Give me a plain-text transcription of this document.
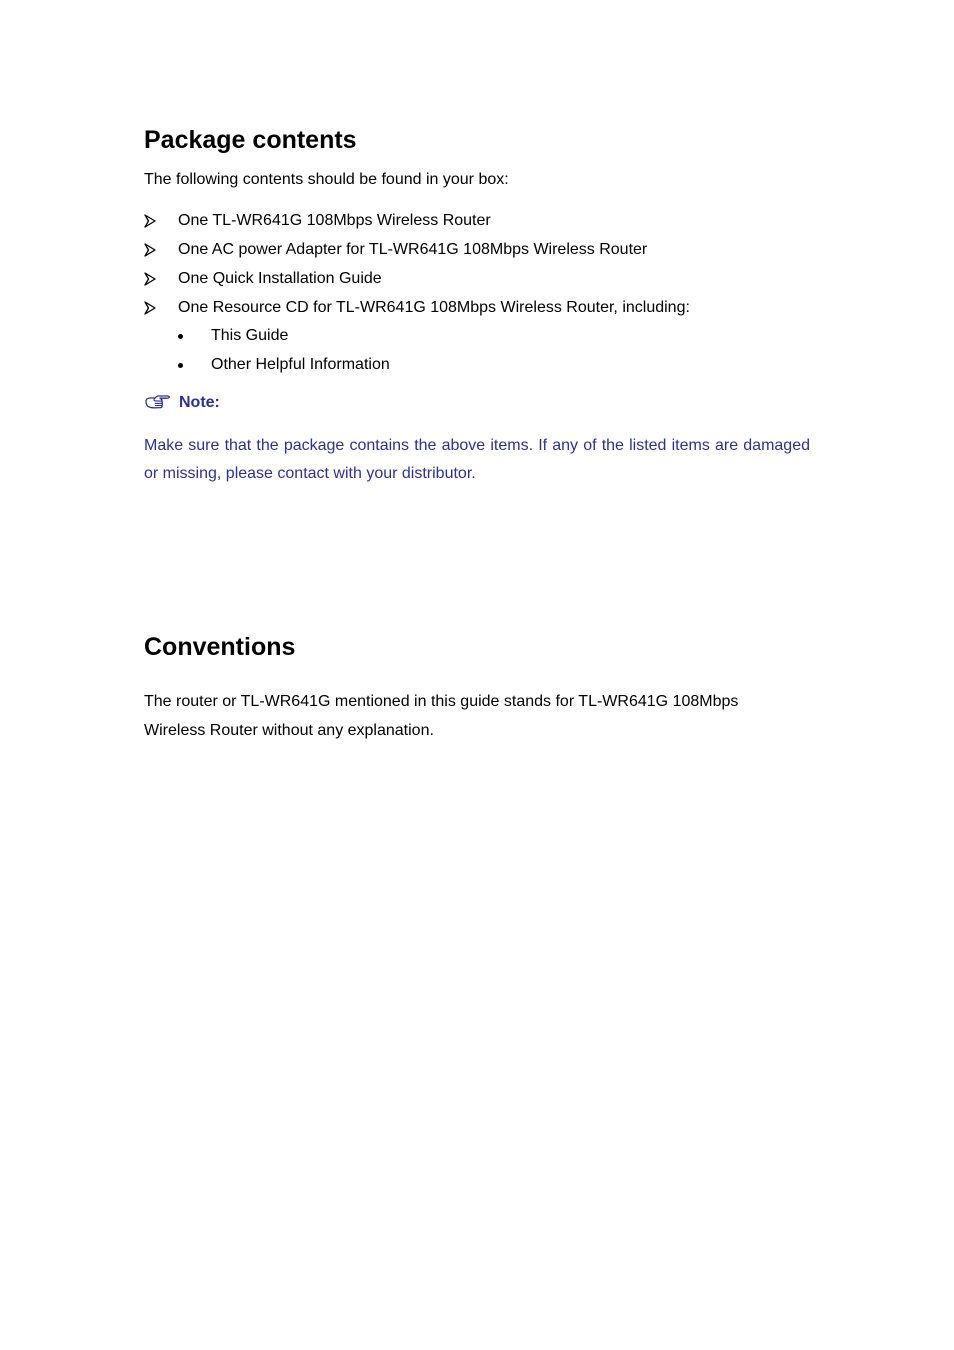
Package contents

The following contents should be found in your box:

One TL-WR641G 108Mbps Wireless Router
One AC power Adapter for TL-WR641G 108Mbps Wireless Router
One Quick Installation Guide
One Resource CD for TL-WR641G 108Mbps Wireless Router, including:
This Guide
Other Helpful Information
Note:

Make sure that the package contains the above items. If any of the listed items are damaged or missing, please contact with your distributor.

Conventions

The router or TL-WR641G mentioned in this guide stands for TL-WR641G 108Mbps
Wireless Router without any explanation.
